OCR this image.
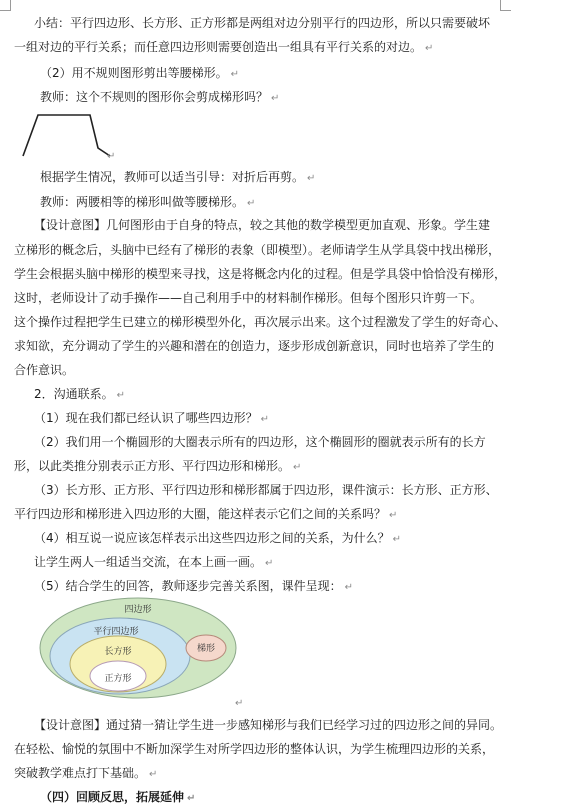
小结：平行四边形、长方形、正方形都是两组对边分别平行的四边形，所以只需要破坏
一组对边的平行关系；而任意四边形则需要创造出一组具有平行关系的对边。 ↵
（2）用不规则图形剪出等腰梯形。 ↵
教师：这个不规则的图形你会剪成梯形吗？ ↵
↵
根据学生情况，教师可以适当引导：对折后再剪。 ↵
教师：两腰相等的梯形叫做等腰梯形。 ↵
【设计意图】几何图形由于自身的特点，较之其他的数学模型更加直观、形象。学生建
立梯形的概念后，头脑中已经有了梯形的表象（即模型）。老师请学生从学具袋中找出梯形，
学生会根据头脑中梯形的模型来寻找，这是将概念内化的过程。但是学具袋中恰恰没有梯形，
这时，老师设计了动手操作——自己利用手中的材料制作梯形。但每个图形只许剪一下。
这个操作过程把学生已建立的梯形模型外化，再次展示出来。这个过程激发了学生的好奇心、
求知欲，充分调动了学生的兴趣和潜在的创造力，逐步形成创新意识，同时也培养了学生的
合作意识。
2．沟通联系。 ↵
（1）现在我们都已经认识了哪些四边形？ ↵
（2）我们用一个椭圆形的大圈表示所有的四边形，这个椭圆形的圈就表示所有的长方
形，以此类推分别表示正方形、平行四边形和梯形。 ↵
（3）长方形、正方形、平行四边形和梯形都属于四边形，课件演示：长方形、正方形、
平行四边形和梯形进入四边形的大圈，能这样表示它们之间的关系吗？ ↵
（4）相互说一说应该怎样表示出这些四边形之间的关系，为什么？ ↵
让学生两人一组适当交流，在本上画一画。 ↵
（5）结合学生的回答，教师逐步完善关系图，课件呈现： ↵
四边形
平行四边形
长方形
正方形
梯形
↵
【设计意图】通过猜一猜让学生进一步感知梯形与我们已经学习过的四边形之间的异同。
在轻松、愉悦的氛围中不断加深学生对所学四边形的整体认识，为学生梳理四边形的关系，
突破教学难点打下基础。 ↵
（四）回顾反思，拓展延伸 ↵
